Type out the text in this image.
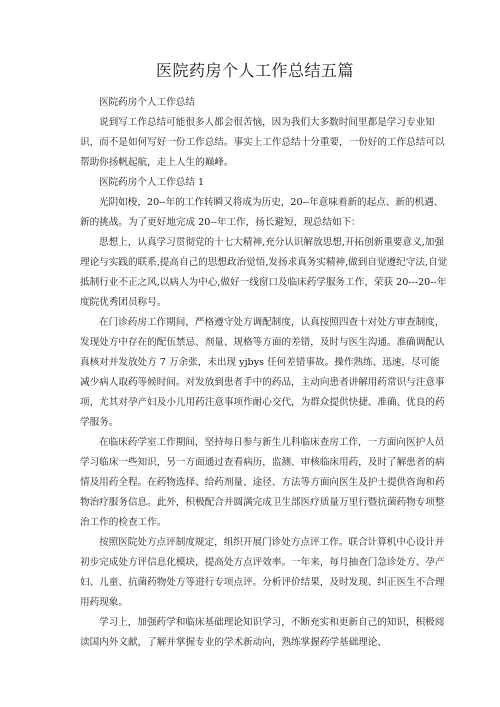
医院药房个人工作总结五篇

医院药房个人工作总结

说到写工作总结可能很多人都会很苦恼，因为我们大多数时间里都是学习专业知识，而不是如何写好一份工作总结。事实上工作总结十分重要，一份好的工作总结可以帮助你扬帆起航，走上人生的巅峰。

医院药房个人工作总结 1

光阴如梭，20--年的工作转瞬又将成为历史，20--年意味着新的起点、新的机遇、新的挑战。为了更好地完成 20--年工作，扬长避短，现总结如下：

思想上，认真学习贯彻党的十七大精神,充分认识解放思想,开拓创新重要意义,加强理论与实践的联系,提高自己的思想政治觉悟,发扬求真务实精神,做到自觉遵纪守法,自觉抵制行业不正之风,以病人为中心,做好一线窗口及临床药学服务工作，荣获 20---20--年度院优秀团员称号。

在门诊药房工作期间，严格遵守处方调配制度，认真按照四查十对处方审查制度，发现处方中存在的配伍禁忌、剂量、规格等方面的差错，及时与医生沟通。准确调配认真核对并发放处方 7 万余张，未出现 yjbys 任何差错事故。操作熟练、迅速，尽可能减少病人取药等候时间。对发放到患者手中的药品，主动向患者讲解用药常识与注意事项，尤其对孕产妇及小儿用药注意事项作耐心交代，为群众提供快捷、准确、优良的药学服务。

在临床药学室工作期间，坚持每日参与新生儿科临床查房工作，一方面向医护人员学习临床一些知识，另一方面通过查看病历，监测、审核临床用药，及时了解患者的病情及用药全程。在药物选择、给药剂量、途径、方法等方面向医生及护士提供咨询和药物治疗服务信息。此外，积极配合并圆满完成卫生部医疗质量万里行暨抗菌药物专项整治工作的检查工作。

按照医院处方点评制度规定，组织开展门诊处方点评工作。联合计算机中心设计并初步完成处方评信息化模块，提高处方点评效率。一年来，每月抽查门急诊处方、孕产妇、儿童、抗菌药物处方等进行专项点评。分析评价结果，及时发现、纠正医生不合理用药现象。

学习上，加强药学和临床基础理论知识学习，不断充实和更新自己的知识，积极阅读国内外文献，了解并掌握专业的学术新动向，熟练掌握药学基础理论、
